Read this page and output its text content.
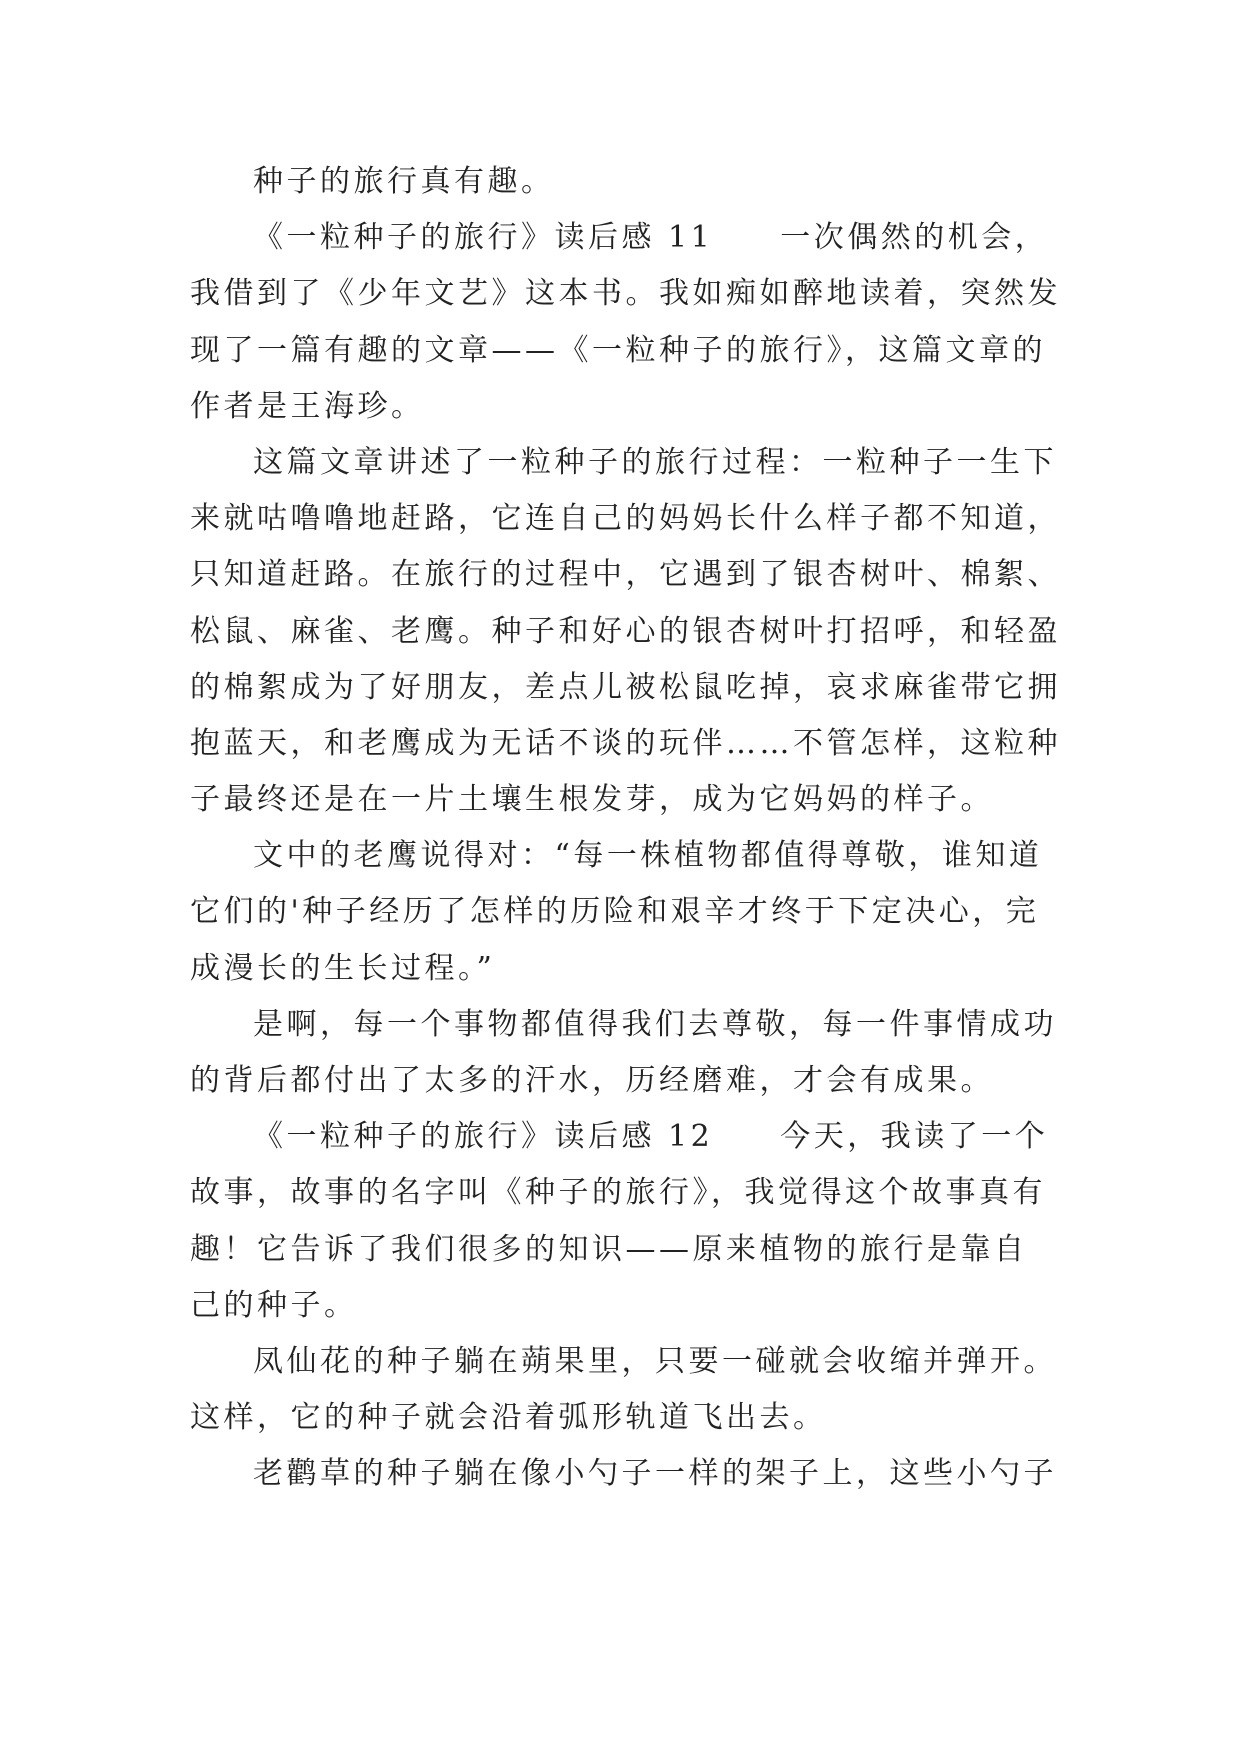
种子的旅行真有趣。
《一粒种子的旅行》读后感 11　　一次偶然的机会，
我借到了《少年文艺》这本书。我如痴如醉地读着，突然发
现了一篇有趣的文章——《一粒种子的旅行》，这篇文章的
作者是王海珍。
这篇文章讲述了一粒种子的旅行过程：一粒种子一生下
来就咕噜噜地赶路，它连自己的妈妈长什么样子都不知道，
只知道赶路。在旅行的过程中，它遇到了银杏树叶、棉絮、
松鼠、麻雀、老鹰。种子和好心的银杏树叶打招呼，和轻盈
的棉絮成为了好朋友，差点儿被松鼠吃掉，哀求麻雀带它拥
抱蓝天，和老鹰成为无话不谈的玩伴……不管怎样，这粒种
子最终还是在一片土壤生根发芽，成为它妈妈的样子。
文中的老鹰说得对：“每一株植物都值得尊敬，谁知道
它们的'种子经历了怎样的历险和艰辛才终于下定决心，完
成漫长的生长过程。”
是啊，每一个事物都值得我们去尊敬，每一件事情成功
的背后都付出了太多的汗水，历经磨难，才会有成果。
《一粒种子的旅行》读后感 12　　今天，我读了一个
故事，故事的名字叫《种子的旅行》，我觉得这个故事真有
趣！它告诉了我们很多的知识——原来植物的旅行是靠自
己的种子。
凤仙花的种子躺在蒴果里，只要一碰就会收缩并弹开。
这样，它的种子就会沿着弧形轨道飞出去。
老鹳草的种子躺在像小勺子一样的架子上，这些小勺子
